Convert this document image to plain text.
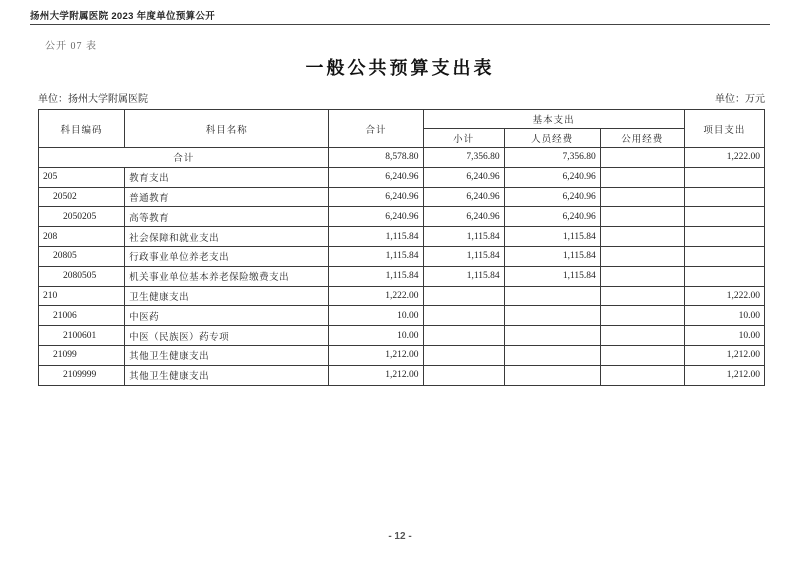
扬州大学附属医院 2023 年度单位预算公开
公开 07 表
一般公共预算支出表
单位：扬州大学附属医院	单位：万元
科目编码	科目名称	合计	基本支出			项目支出
			小计	人员经费	公用经费	
合计		8,578.80	7,356.80	7,356.80		1,222.00
205	教育支出	6,240.96	6,240.96	6,240.96		
20502	普通教育	6,240.96	6,240.96	6,240.96		
2050205	高等教育	6,240.96	6,240.96	6,240.96		
208	社会保障和就业支出	1,115.84	1,115.84	1,115.84		
20805	行政事业单位养老支出	1,115.84	1,115.84	1,115.84		
2080505	机关事业单位基本养老保险缴费支出	1,115.84	1,115.84	1,115.84		
210	卫生健康支出	1,222.00				1,222.00
21006	中医药	10.00				10.00
2100601	中医（民族医）药专项	10.00				10.00
21099	其他卫生健康支出	1,212.00				1,212.00
2109999	其他卫生健康支出	1,212.00				1,212.00
- 12 -
